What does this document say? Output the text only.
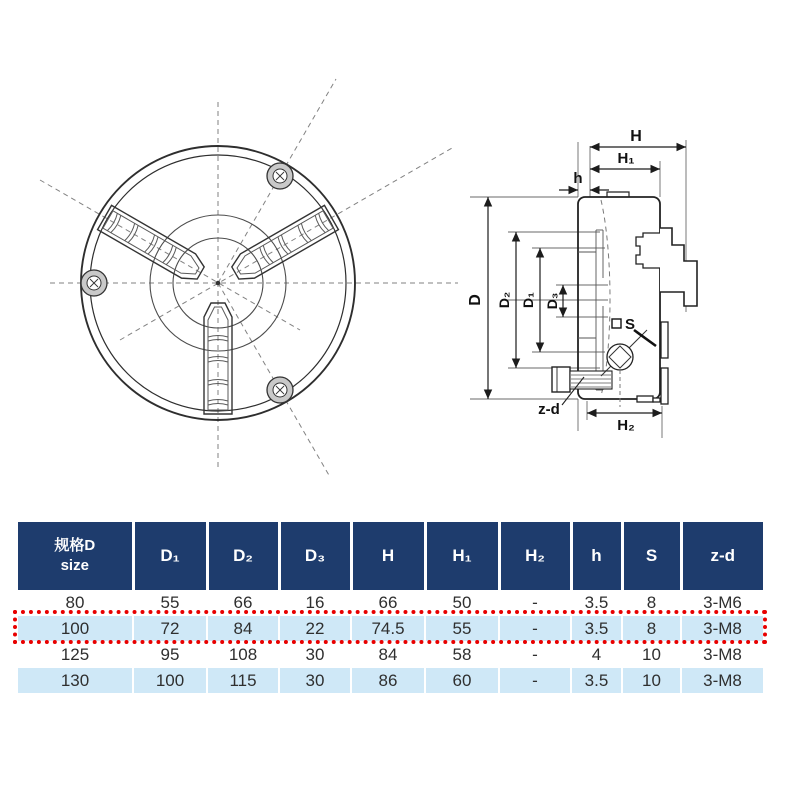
H
H₁
h
H₂
D D₂ D₁ D₃
S
z-d
规格D
size	D₁	D₂	D₃	H	H₁	H₂	h	S	z-d
80	55	66	16	66	50	-	3.5	8	3-M6
100	72	84	22	74.5	55	-	3.5	8	3-M8
125	95	108	30	84	58	-	4	10	3-M8
130	100	115	30	86	60	-	3.5	10	3-M8
